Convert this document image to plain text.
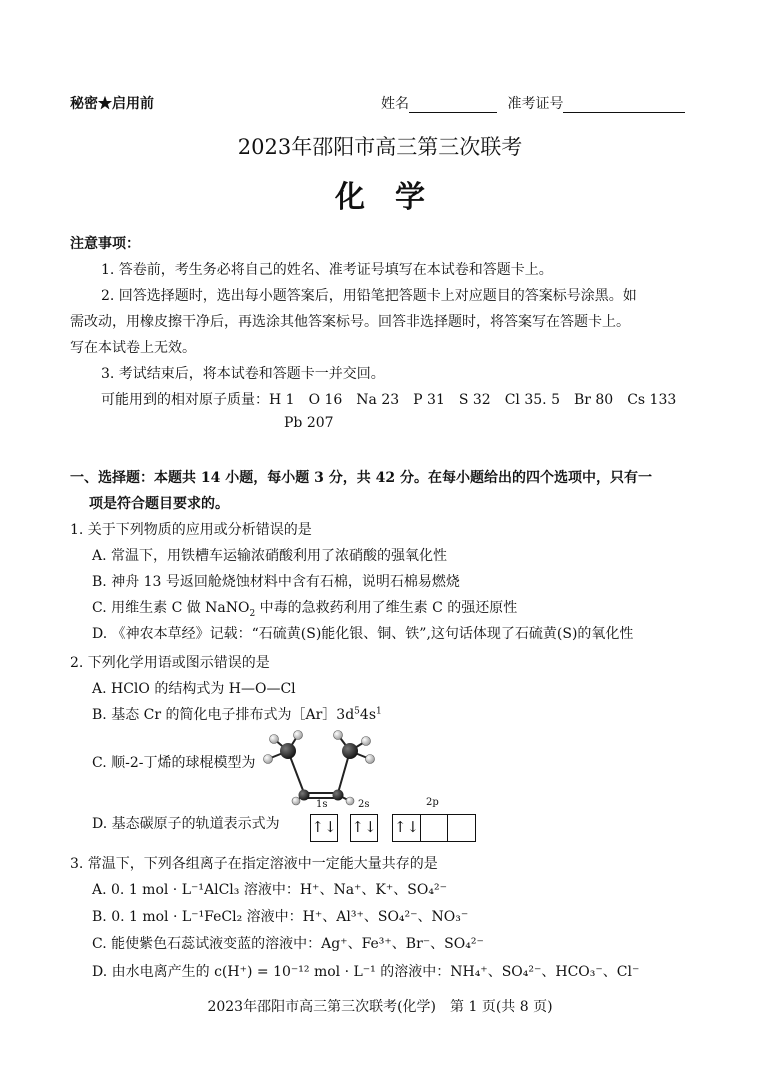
秘密★启用前	姓名	准考证号
2023年邵阳市高三第三次联考
化　学
注意事项：
1. 答卷前，考生务必将自己的姓名、准考证号填写在本试卷和答题卡上。
2. 回答选择题时，选出每小题答案后，用铅笔把答题卡上对应题目的答案标号涂黑。如
需改动，用橡皮擦干净后，再选涂其他答案标号。回答非选择题时，将答案写在答题卡上。
写在本试卷上无效。
3. 考试结束后，将本试卷和答题卡一并交回。
可能用到的相对原子质量：H 1　O 16　Na 23　P 31　S 32　Cl 35. 5　Br 80　Cs 133
Pb 207
一、选择题：本题共 14 小题，每小题 3 分，共 42 分。在每小题给出的四个选项中，只有一
项是符合题目要求的。
1. 关于下列物质的应用或分析错误的是
A. 常温下，用铁槽车运输浓硝酸利用了浓硝酸的强氧化性
B. 神舟 13 号返回舱烧蚀材料中含有石棉，说明石棉易燃烧
C. 用维生素 C 做 NaNO$_2$ 中毒的急救药利用了维生素 C 的强还原性
D. 《神农本草经》记载：“石硫黄(S)能化银、铜、铁”,这句话体现了石硫黄(S)的氧化性
2. 下列化学用语或图示错误的是
A. HClO 的结构式为 H—O—Cl
B. 基态 Cr 的简化电子排布式为$[Ar]3d^54s^1$
C. 顺-2-丁烯的球棍模型为
D. 基态碳原子的轨道表示式为
1s	2s	2p
↑↓ ↑↓ ↑↓
3. 常温下，下列各组离子在指定溶液中一定能大量共存的是
A. 0. 1 mol · L⁻¹AlCl₃ 溶液中：H⁺、Na⁺、K⁺、SO₄²⁻
B. 0. 1 mol · L⁻¹FeCl₂ 溶液中：H⁺、Al³⁺、SO₄²⁻、NO₃⁻
C. 能使紫色石蕊试液变蓝的溶液中：Ag⁺、Fe³⁺、Br⁻、SO₄²⁻
D. 由水电离产生的 c(H⁺) = 10⁻¹² mol · L⁻¹ 的溶液中：NH₄⁺、SO₄²⁻、HCO₃⁻、Cl⁻
2023年邵阳市高三第三次联考(化学)　第 1 页(共 8 页)
